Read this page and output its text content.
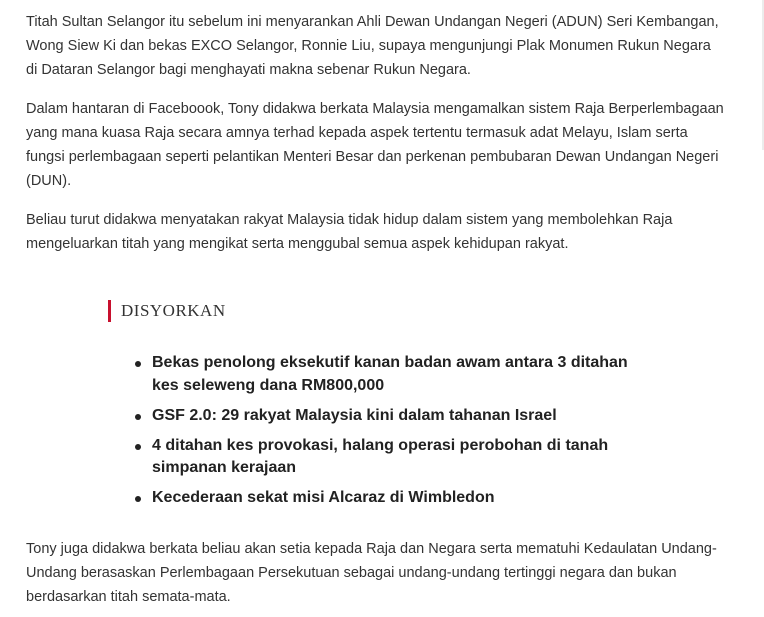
Titah Sultan Selangor itu sebelum ini menyarankan Ahli Dewan Undangan Negeri (ADUN) Seri Kembangan, Wong Siew Ki dan bekas EXCO Selangor, Ronnie Liu, supaya mengunjungi Plak Monumen Rukun Negara di Dataran Selangor bagi menghayati makna sebenar Rukun Negara.

Dalam hantaran di Faceboook, Tony didakwa berkata Malaysia mengamalkan sistem Raja Berperlembagaan yang mana kuasa Raja secara amnya terhad kepada aspek tertentu termasuk adat Melayu, Islam serta fungsi perlembagaan seperti pelantikan Menteri Besar dan perkenan pembubaran Dewan Undangan Negeri (DUN).

Beliau turut didakwa menyatakan rakyat Malaysia tidak hidup dalam sistem yang membolehkan Raja mengeluarkan titah yang mengikat serta menggubal semua aspek kehidupan rakyat.

DISYORKAN
Bekas penolong eksekutif kanan badan awam antara 3 ditahan kes seleweng dana RM800,000
GSF 2.0: 29 rakyat Malaysia kini dalam tahanan Israel
4 ditahan kes provokasi, halang operasi perobohan di tanah simpanan kerajaan
Kecederaan sekat misi Alcaraz di Wimbledon

Tony juga didakwa berkata beliau akan setia kepada Raja dan Negara serta mematuhi Kedaulatan Undang-Undang berasaskan Perlembagaan Persekutuan sebagai undang-undang tertinggi negara dan bukan berdasarkan titah semata-mata.
